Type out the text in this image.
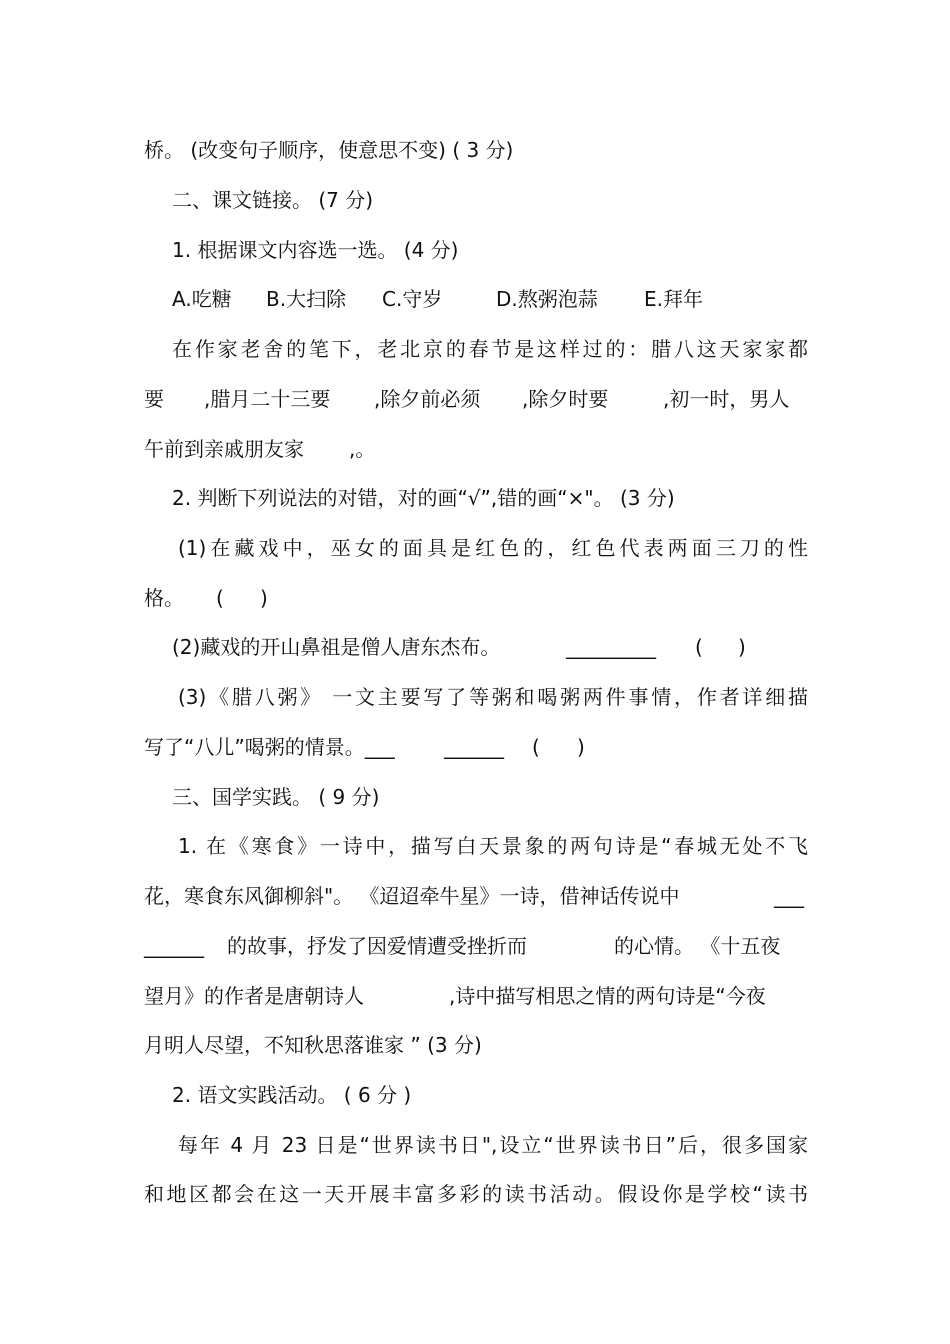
桥。 (改变句子顺序，使意思不变) ( 3 分)
二、课文链接。 (7 分)
1. 根据课文内容选一选。 (4 分)
A.吃糖 B.大扫除 C.守岁	D.熬粥泡蒜 E.拜年
在作家老舍的笔下，老北京的春节是这样过的：腊八这天家家都
要 ,腊月二十三要 ,除夕前必须 ,除夕时要	,初一时，男人
午前到亲戚朋友家 ,。
2. 判断下列说法的对错，对的画“√”,错的画“×"。 (3 分)
(1)在藏戏中，巫女的面具是红色的，红色代表两面三刀的性
格。 ( )
(2)藏戏的开山鼻祖是僧人唐东杰布。	_________ ( )
(3)《腊八粥》 一文主要写了等粥和喝粥两件事情，作者详细描
写了“八儿”喝粥的情景。___ ______ ( )
三、国学实践。 ( 9 分)
1. 在《寒食》一诗中，描写白天景象的两句诗是“春城无处不飞
花，寒食东风御柳斜"。 《迢迢牵牛星》一诗，借神话传说中	___
______ 的故事，抒发了因爱情遭受挫折而	的心情。 《十五夜
望月》的作者是唐朝诗人	,诗中描写相思之情的两句诗是“今夜
月明人尽望，不知秋思落谁家 ” (3 分)
2. 语文实践活动。 ( 6 分 )
每年 4 月 23 日是“世界读书日",设立“世界读书日”后，很多国家
和地区都会在这一天开展丰富多彩的读书活动。假设你是学校“读书
